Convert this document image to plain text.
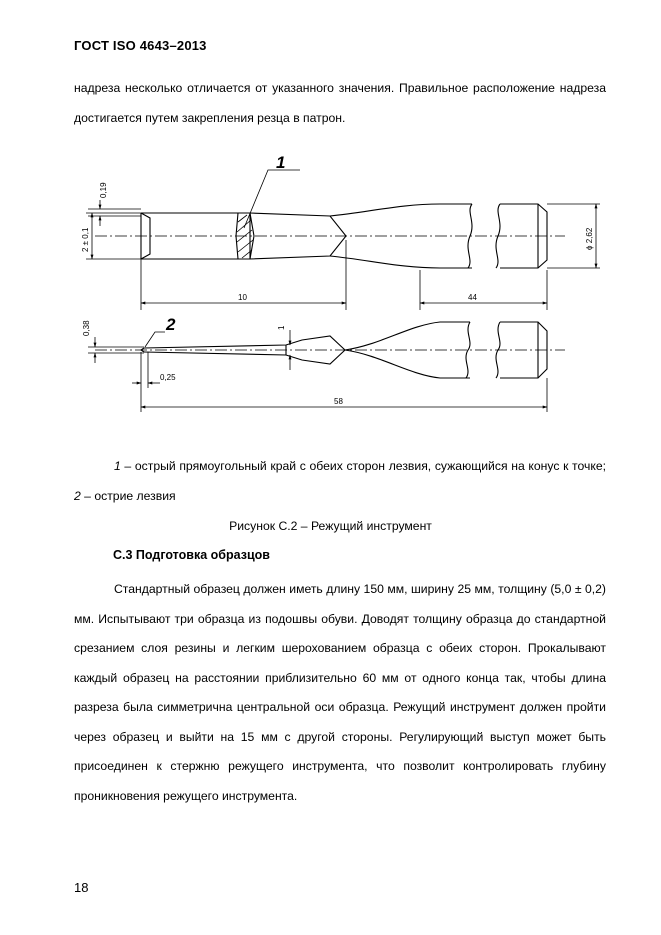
ГОСТ ISO 4643–2013
надреза несколько отличается от указанного значения. Правильное расположение надреза достигается путем закрепления резца в патрон.
0,19
2 ± 0,1	ϕ 2,62
10	44
0,38	1
0,25
58
1
2
1 – острый прямоугольный край с обеих сторон лезвия, сужающийся на конус к точке; 2 – острие лезвия
Рисунок С.2 – Режущий инструмент
С.3 Подготовка образцов
Стандартный образец должен иметь длину 150 мм, ширину 25 мм, толщину (5,0 ± 0,2) мм. Испытывают три образца из подошвы обуви. Доводят толщину образца до стандартной срезанием слоя резины и легким шерохованием образца с обеих сторон. Прокалывают каждый образец на расстоянии приблизительно 60 мм от одного конца так, чтобы длина разреза была симметрична центральной оси образца. Режущий инструмент должен пройти через образец и выйти на 15 мм с другой стороны. Регулирующий выступ может быть присоединен к стержню режущего инструмента, что позволит контролировать глубину проникновения режущего инструмента.
18
